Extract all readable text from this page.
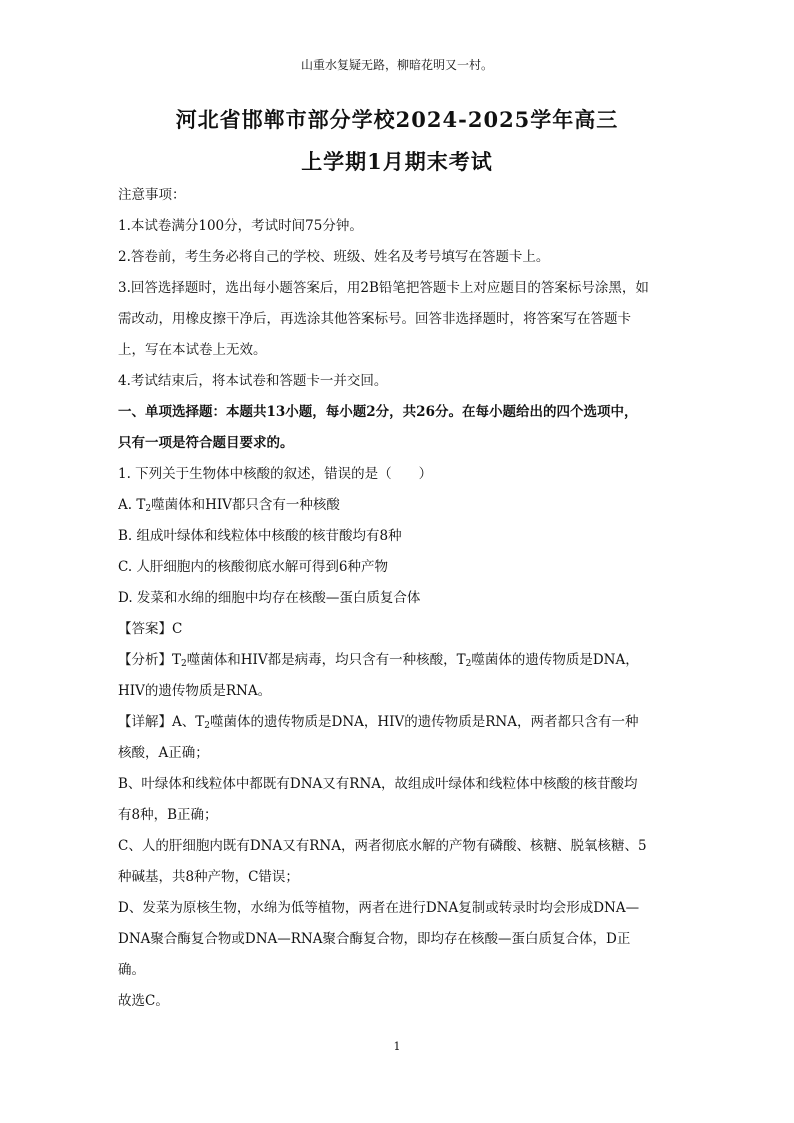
山重水复疑无路，柳暗花明又一村。
河北省邯郸市部分学校2024-2025学年高三
上学期1月期末考试
注意事项：
1.本试卷满分100分，考试时间75分钟。
2.答卷前，考生务必将自己的学校、班级、姓名及考号填写在答题卡上。
3.回答选择题时，选出每小题答案后，用2B铅笔把答题卡上对应题目的答案标号涂黑，如
需改动，用橡皮擦干净后，再选涂其他答案标号。回答非选择题时，将答案写在答题卡
上，写在本试卷上无效。
4.考试结束后，将本试卷和答题卡一并交回。
一、单项选择题：本题共13小题，每小题2分，共26分。在每小题给出的四个选项中，
只有一项是符合题目要求的。
1. 下列关于生物体中核酸的叙述，错误的是（　　）
A. $T_2$噬菌体和HIV都只含有一种核酸
B. 组成叶绿体和线粒体中核酸的核苷酸均有8种
C. 人肝细胞内的核酸彻底水解可得到6种产物
D. 发菜和水绵的细胞中均存在核酸—蛋白质复合体
【答案】C
【分析】$T_2$噬菌体和HIV都是病毒，均只含有一种核酸，$T_2$噬菌体的遗传物质是DNA，
HIV的遗传物质是RNA。
【详解】A、$T_2$噬菌体的遗传物质是DNA，HIV的遗传物质是RNA，两者都只含有一种
核酸，A正确；
B、叶绿体和线粒体中都既有DNA又有RNA，故组成叶绿体和线粒体中核酸的核苷酸均
有8种，B正确；
C、人的肝细胞内既有DNA又有RNA，两者彻底水解的产物有磷酸、核糖、脱氧核糖、5
种碱基，共8种产物，C错误；
D、发菜为原核生物，水绵为低等植物，两者在进行DNA复制或转录时均会形成DNA—
DNA聚合酶复合物或DNA—RNA聚合酶复合物，即均存在核酸—蛋白质复合体，D正
确。
故选C。
1
